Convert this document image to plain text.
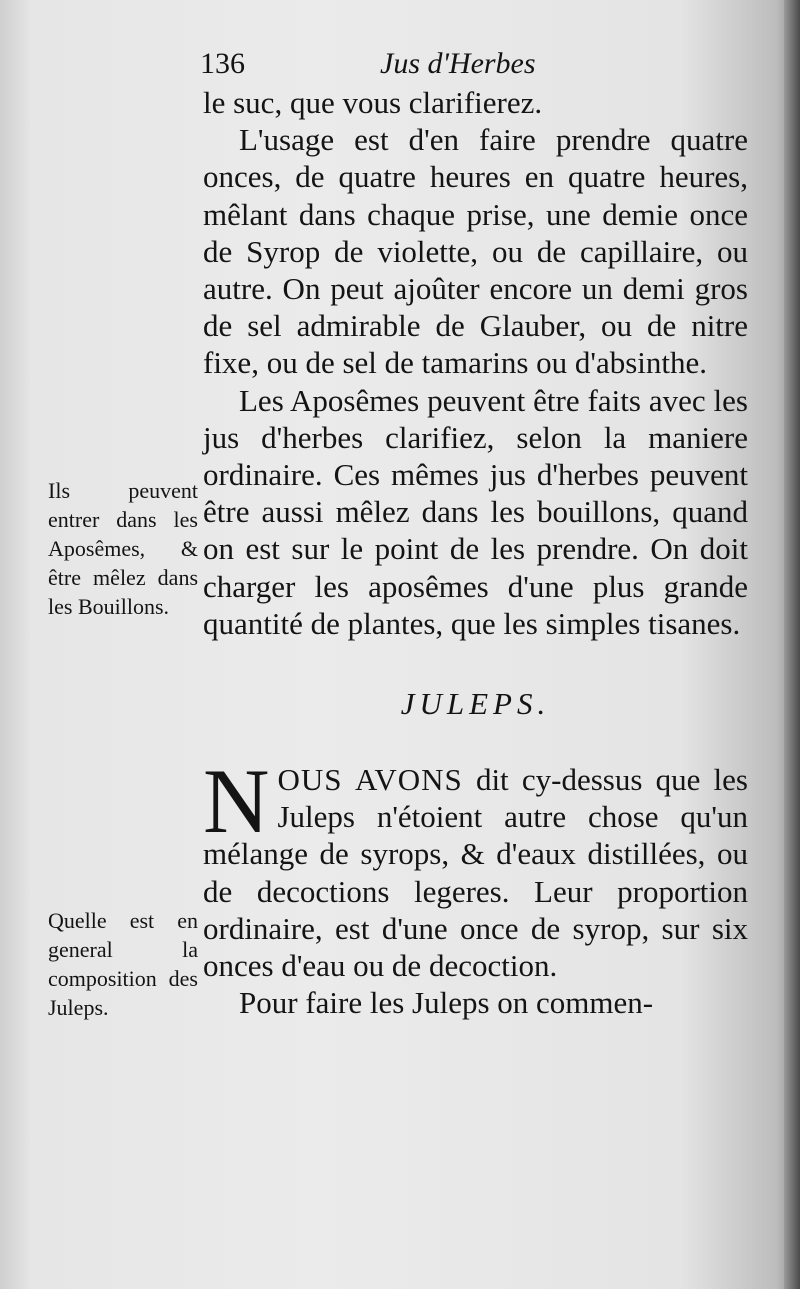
136	Jus d'Herbes

le suc, que vous clarifierez.

L'usage est d'en faire prendre quatre onces, de quatre heures en quatre heures, mêlant dans chaque prise, une demie once de Syrop de violette, ou de capillaire, ou autre. On peut ajoûter encore un demi gros de sel admirable de Glauber, ou de nitre fixe, ou de sel de tamarins ou d'absinthe.

Les Aposêmes peuvent être faits avec les jus d'herbes clarifiez, selon la maniere ordinaire. Ces mêmes jus d'herbes peuvent être aussi mêlez dans les bouillons, quand on est sur le point de les prendre. On doit charger les aposêmes d'une plus grande quantité de plantes, que les simples tisanes.

JULEPS.

NOUS AVONS dit cy-dessus que les Juleps n'étoient autre chose qu'un mélange de syrops, & d'eaux distillées, ou de decoctions legeres. Leur proportion ordinaire, est d'une once de syrop, sur six onces d'eau ou de decoction.

Pour faire les Juleps on commen-

Ils peuvent entrer dans les Aposêmes, & être mêlez dans les Bouillons.
Quelle est en general la composition des Juleps.
